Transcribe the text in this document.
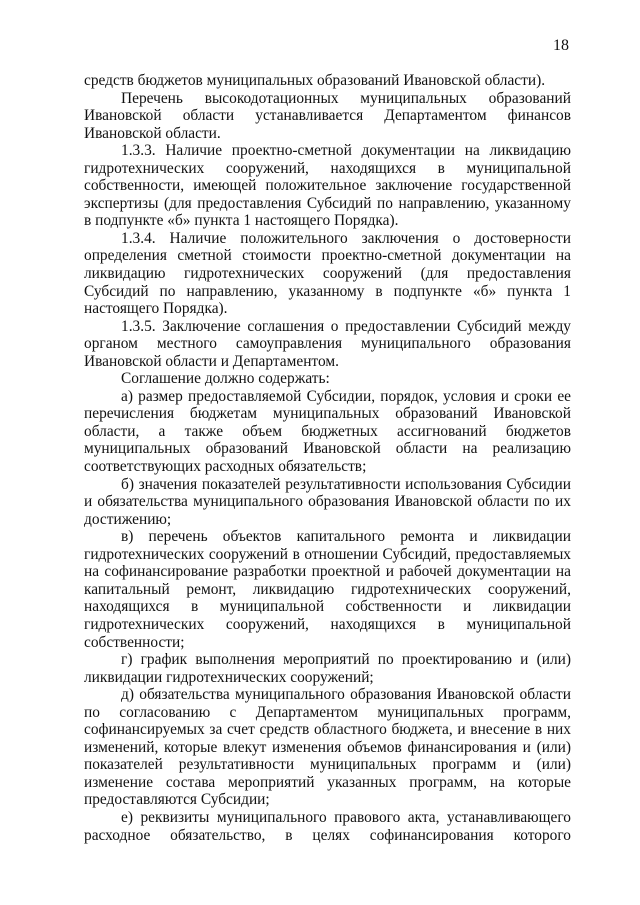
18

средств бюджетов муниципальных образований Ивановской области).

Перечень высокодотационных муниципальных образований Ивановской области устанавливается Департаментом финансов Ивановской области.

1.3.3. Наличие проектно-сметной документации на ликвидацию гидротехнических сооружений, находящихся в муниципальной собственности, имеющей положительное заключение государственной экспертизы (для предоставления Субсидий по направлению, указанному в подпункте «б» пункта 1 настоящего Порядка).

1.3.4. Наличие положительного заключения о достоверности определения сметной стоимости проектно-сметной документации на ликвидацию гидротехнических сооружений (для предоставления Субсидий по направлению, указанному в подпункте «б» пункта 1 настоящего Порядка).

1.3.5. Заключение соглашения о предоставлении Субсидий между органом местного самоуправления муниципального образования Ивановской области и Департаментом.

Соглашение должно содержать:

а) размер предоставляемой Субсидии, порядок, условия и сроки ее перечисления бюджетам муниципальных образований Ивановской области, а также объем бюджетных ассигнований бюджетов муниципальных образований Ивановской области на реализацию соответствующих расходных обязательств;

б) значения показателей результативности использования Субсидии и обязательства муниципального образования Ивановской области по их достижению;

в) перечень объектов капитального ремонта и ликвидации гидротехнических сооружений в отношении Субсидий, предоставляемых на софинансирование разработки проектной и рабочей документации на капитальный ремонт, ликвидацию гидротехнических сооружений, находящихся в муниципальной собственности и ликвидации гидротехнических сооружений, находящихся в муниципальной собственности;

г) график выполнения мероприятий по проектированию и (или) ликвидации гидротехнических сооружений;

д) обязательства муниципального образования Ивановской области по согласованию с Департаментом муниципальных программ, софинансируемых за счет средств областного бюджета, и внесение в них изменений, которые влекут изменения объемов финансирования и (или) показателей результативности муниципальных программ и (или) изменение состава мероприятий указанных программ, на которые предоставляются Субсидии;

е) реквизиты муниципального правового акта, устанавливающего расходное обязательство, в целях софинансирования которого
